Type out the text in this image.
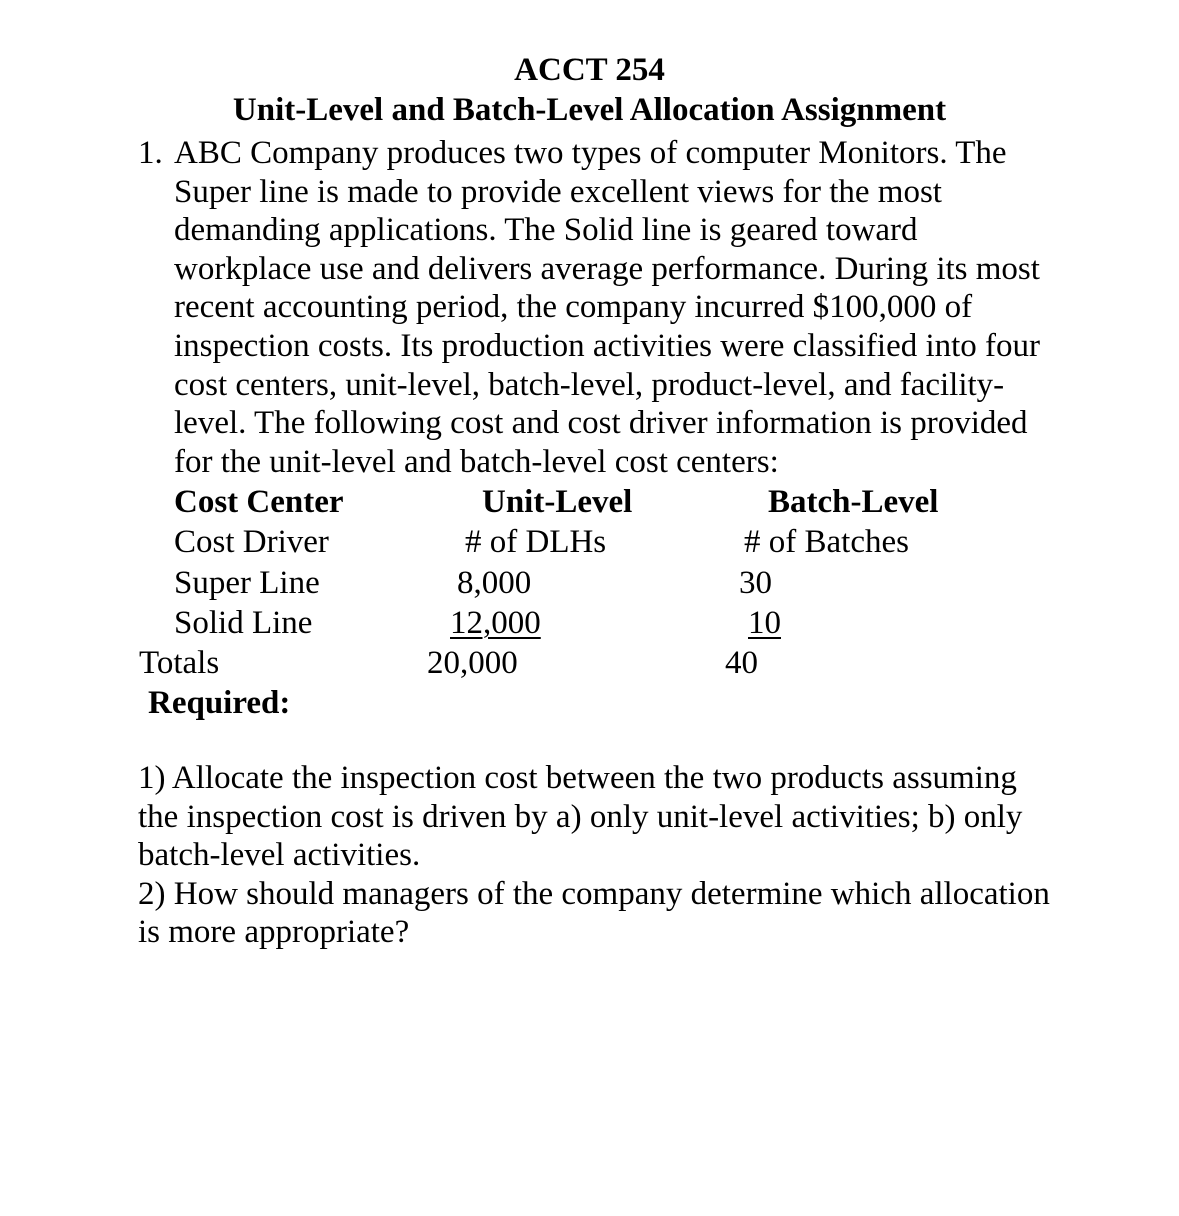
ACCT 254
Unit-Level and Batch-Level Allocation Assignment
1. ABC Company produces two types of computer Monitors. The Super line is made to provide excellent views for the most demanding applications. The Solid line is geared toward workplace use and delivers average performance. During its most recent accounting period, the company incurred $100,000 of inspection costs. Its production activities were classified into four cost centers, unit-level, batch-level, product-level, and facility-level. The following cost and cost driver information is provided for the unit-level and batch-level cost centers:
Cost Center	Unit-Level	Batch-Level
Cost Driver	# of DLHs	# of Batches
Super Line	8,000	30
Solid Line	12,000	10
Totals	20,000	40
Required:

1) Allocate the inspection cost between the two products assuming the inspection cost is driven by a) only unit-level activities; b) only batch-level activities.

2) How should managers of the company determine which allocation is more appropriate?
